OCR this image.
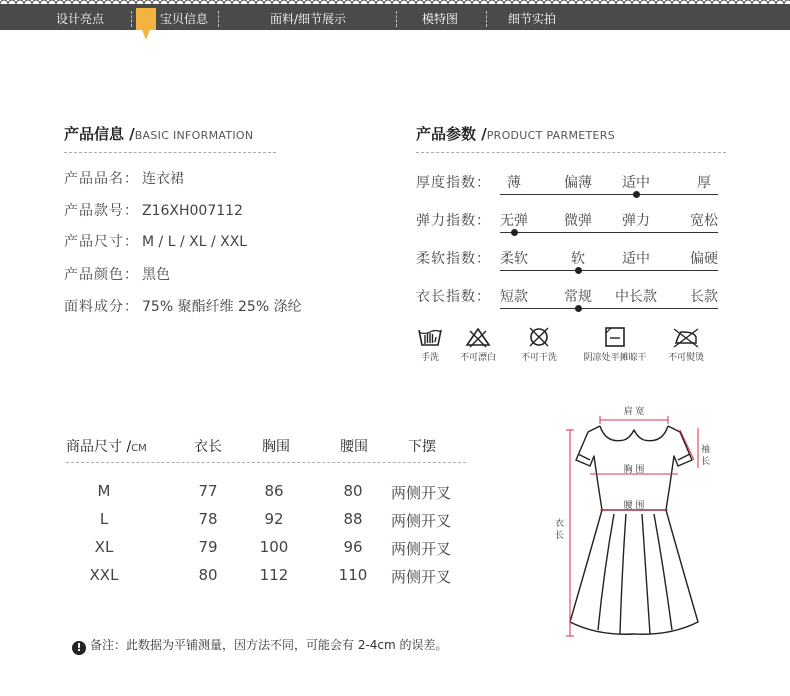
设计亮点	宝贝信息	面料/细节展示	模特图	细节实拍
产品信息 /BASIC INFORMATION
产品品名： 连衣裙
产品款号： Z16XH007112
产品尺寸： M / L / XL / XXL
产品颜色： 黑色
面料成分： 75% 聚酯纤维 25% 涤纶
产品参数 /PRODUCT PARMETERS
厚度指数：	薄	偏薄	适中	厚
弹力指数： 无弹	微弹	弹力	宽松
柔软指数： 柔软	软	适中	偏硬
衣长指数： 短款	常规	中长款	长款
手洗	不可漂白	不可干洗	阴凉处平摊晾干	不可熨烫
商品尺寸 /CM	衣长	胸围	腰围	下摆
M	77	86	80	两侧开叉
L	78	92	88	两侧开叉
XL	79	100	96	两侧开叉
XXL	80	112	110	两侧开叉
! 备注：此数据为平铺测量，因方法不同，可能会有 2-4cm 的误差。
肩 宽
胸 围
腰 围
袖 长
衣 长
